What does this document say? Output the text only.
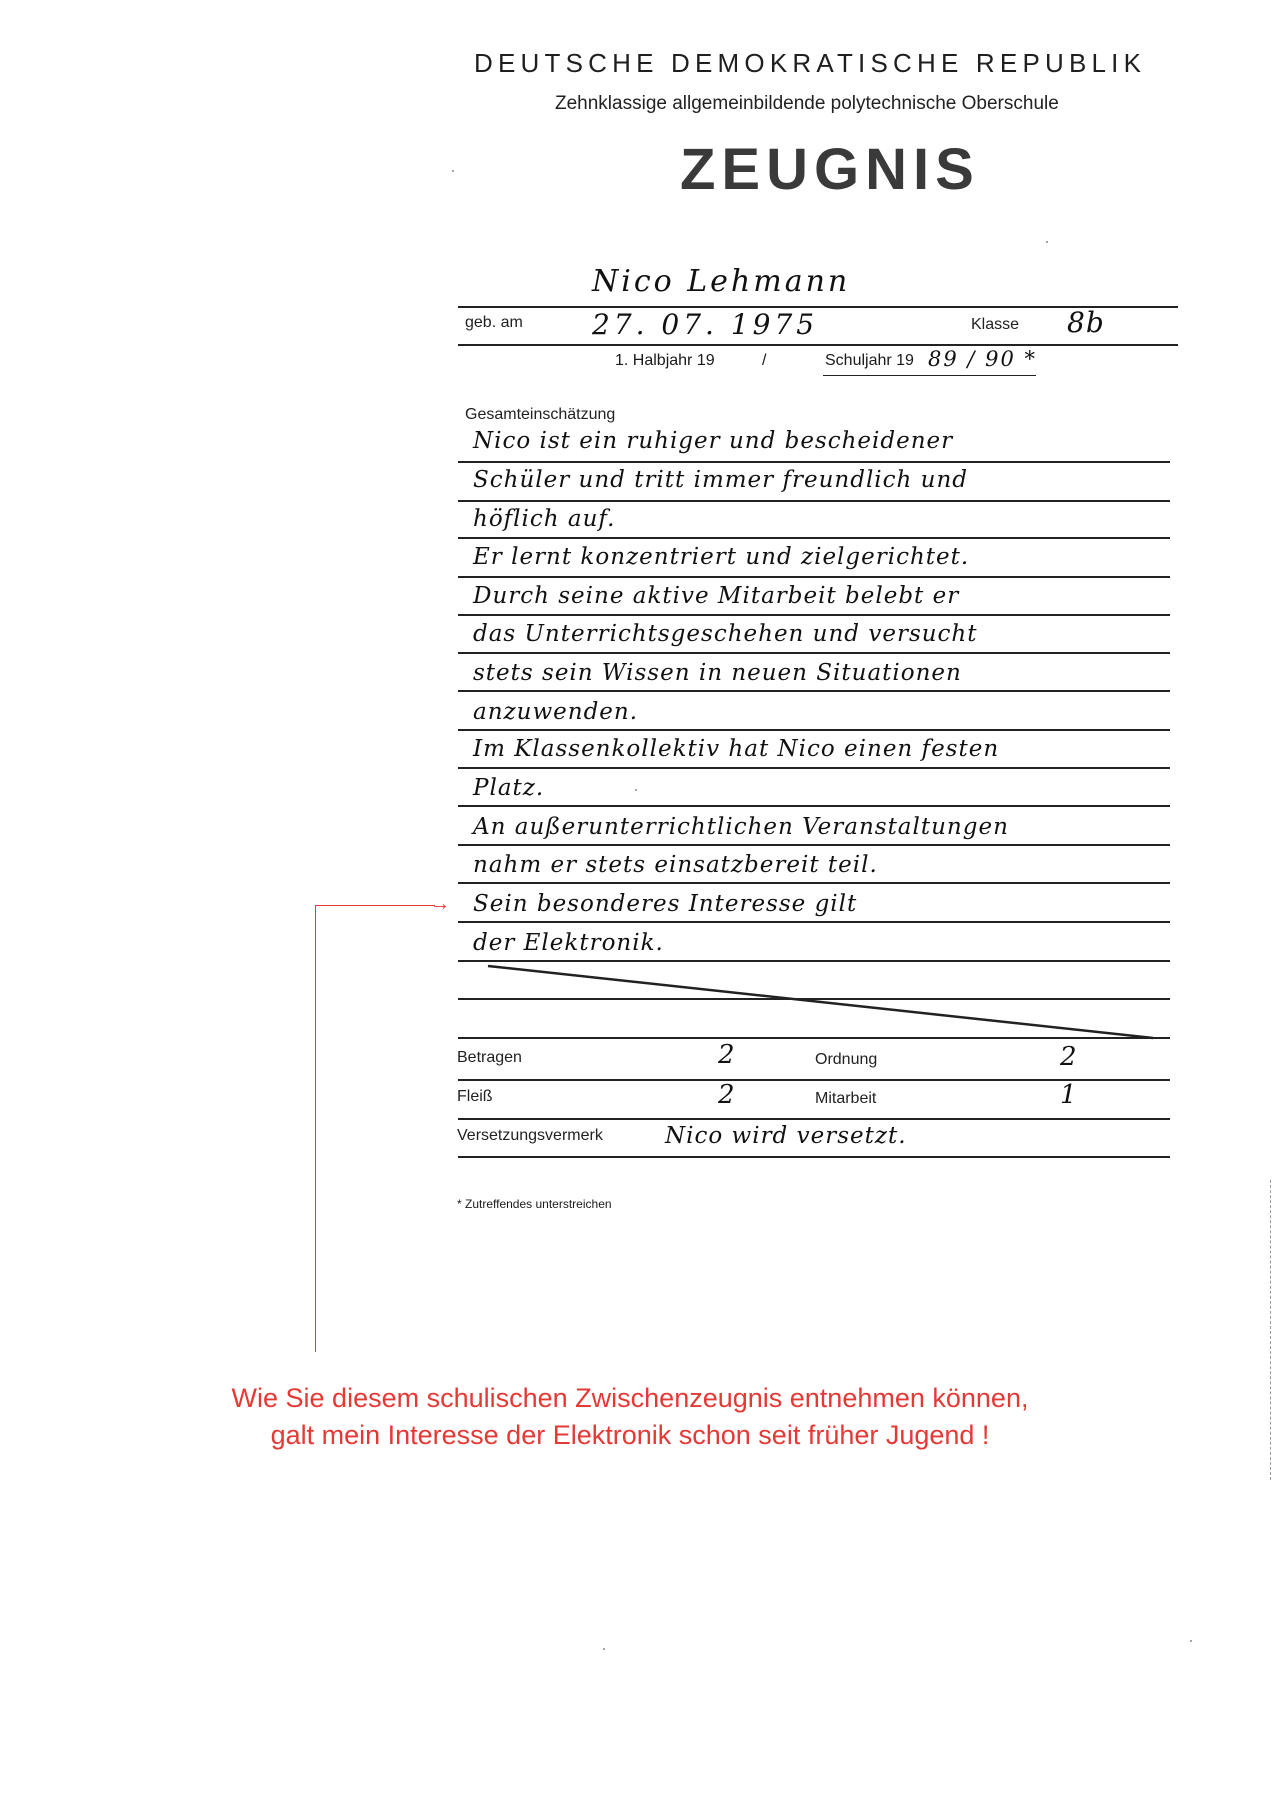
DEUTSCHE DEMOKRATISCHE REPUBLIK
Zehnklassige allgemeinbildende polytechnische Oberschule
ZEUGNIS
Nico Lehmann
geb. am 27. 07. 1975	Klasse 8b
1. Halbjahr 19	/	Schuljahr 19 89 / 90 *
Gesamteinschätzung
Nico ist ein ruhiger und bescheidener
Schüler und tritt immer freundlich und
höflich auf.
Er lernt konzentriert und zielgerichtet.
Durch seine aktive Mitarbeit belebt er
das Unterrichtsgeschehen und versucht
stets sein Wissen in neuen Situationen
anzuwenden.
Im Klassenkollektiv hat Nico einen festen
Platz.
An außerunterrichtlichen Veranstaltungen
nahm er stets einsatzbereit teil.
Sein besonderes Interesse gilt
der Elektronik.
Betragen	2	Ordnung	2
Fleiß	2	Mitarbeit	1
Versetzungsvermerk	Nico wird versetzt.
* Zutreffendes unterstreichen
→
Wie Sie diesem schulischen Zwischenzeugnis entnehmen können,
galt mein Interesse der Elektronik schon seit früher Jugend !
